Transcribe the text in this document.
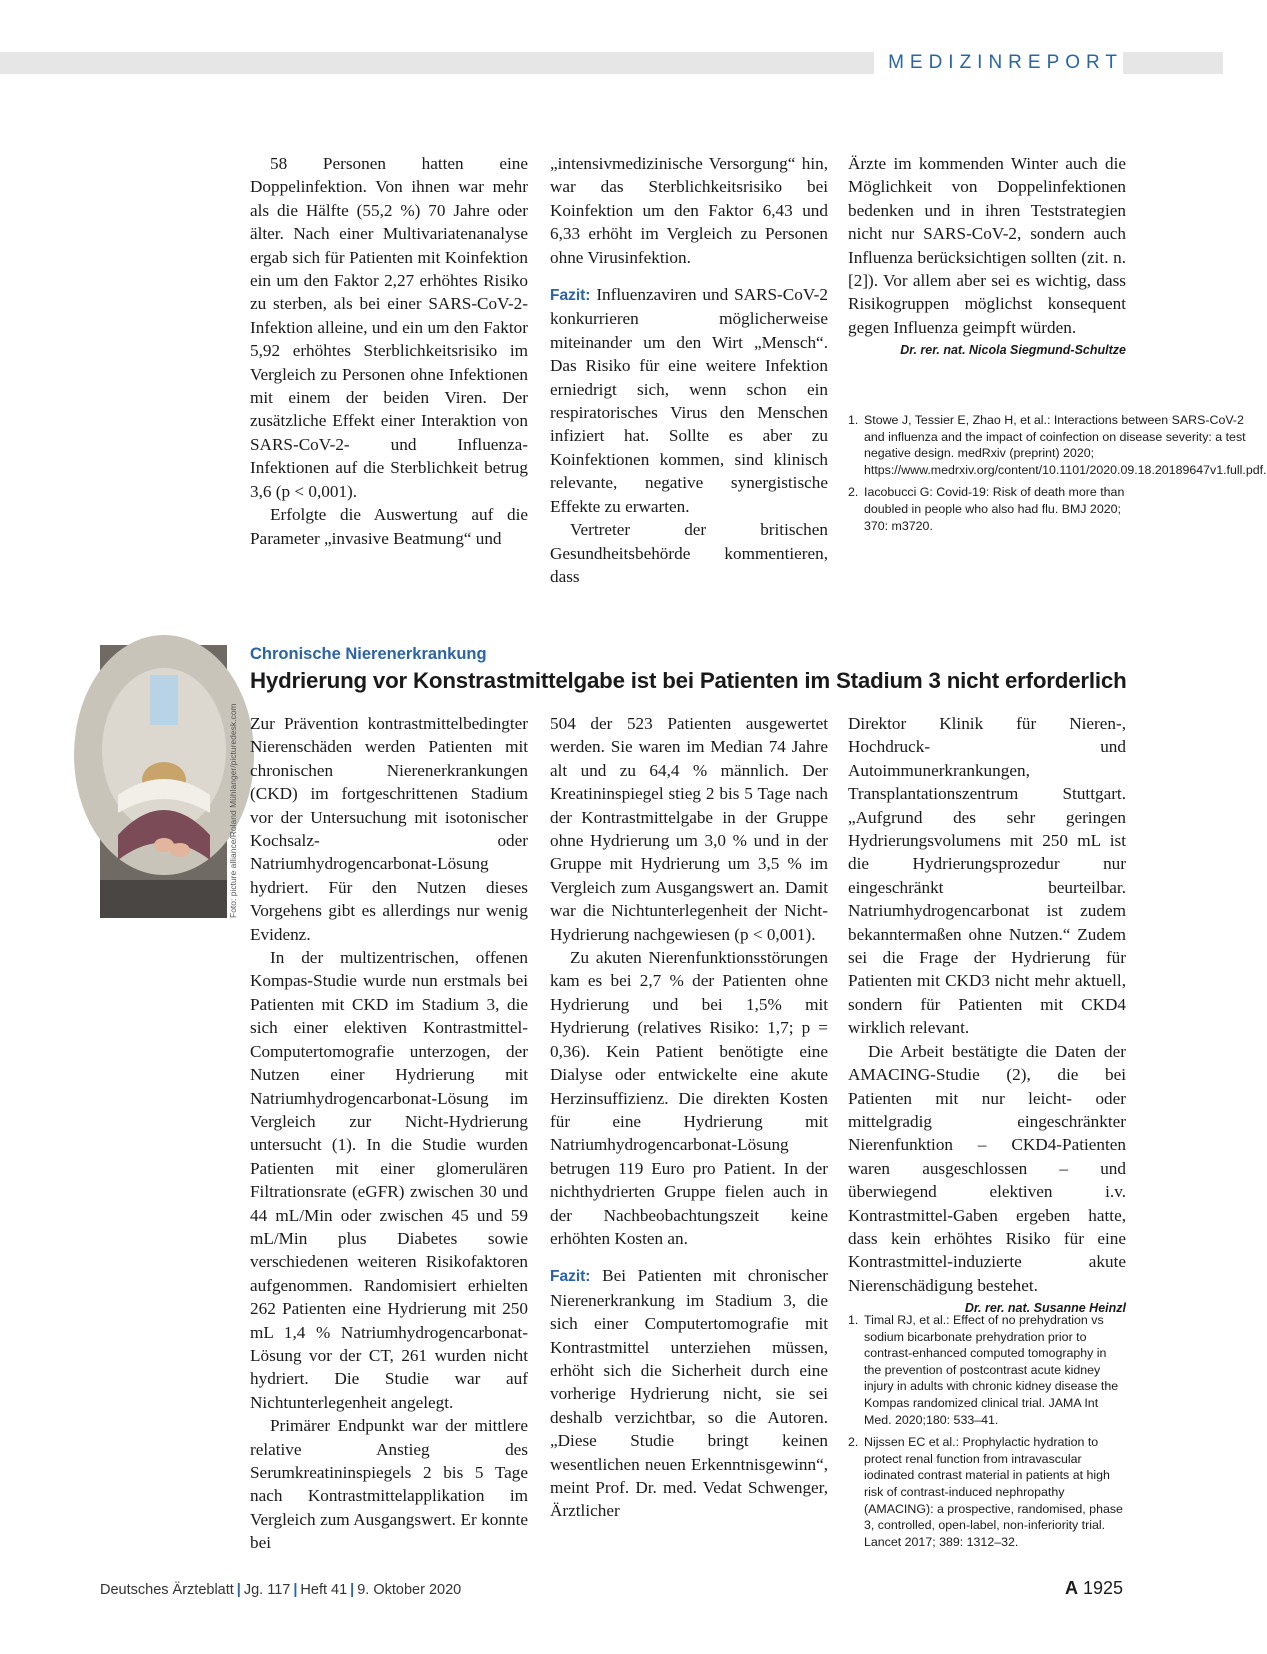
MEDIZINREPORT

58 Personen hatten eine Doppelinfektion. Von ihnen war mehr als die Hälfte (55,2 %) 70 Jahre oder älter. Nach einer Multivariatenanalyse ergab sich für Patienten mit Koinfektion ein um den Faktor 2,27 erhöhtes Risiko zu sterben, als bei einer SARS-CoV-2-Infektion alleine, und ein um den Faktor 5,92 erhöhtes Sterblichkeitsrisiko im Vergleich zu Personen ohne Infektionen mit einem der beiden Viren. Der zusätzliche Effekt einer Interaktion von SARS-CoV-2- und Influenza-Infektionen auf die Sterblichkeit betrug 3,6 (p < 0,001).

Erfolgte die Auswertung auf die Parameter „invasive Beatmung“ und

„intensivmedizinische Versorgung“ hin, war das Sterblichkeitsrisiko bei Koinfektion um den Faktor 6,43 und 6,33 erhöht im Vergleich zu Personen ohne Virusinfektion.

Fazit: Influenzaviren und SARS-CoV-2 konkurrieren möglicherweise miteinander um den Wirt „Mensch“. Das Risiko für eine weitere Infektion erniedrigt sich, wenn schon ein respiratorisches Virus den Menschen infiziert hat. Sollte es aber zu Koinfektionen kommen, sind klinisch relevante, negative synergistische Effekte zu erwarten.

Vertreter der britischen Gesundheitsbehörde kommentieren, dass

Ärzte im kommenden Winter auch die Möglichkeit von Doppelinfektionen bedenken und in ihren Teststrategien nicht nur SARS-CoV-2, sondern auch Influenza berücksichtigen sollten (zit. n. [2]). Vor allem aber sei es wichtig, dass Risikogruppen möglichst konsequent gegen Influenza geimpft würden.

Dr. rer. nat. Nicola Siegmund-Schultze
1. Stowe J, Tessier E, Zhao H, et al.: Interactions between SARS-CoV-2 and influenza and the impact of coinfection on disease severity: a test negative design. medRxiv (preprint) 2020; https://www.medrxiv.org/content/10.1101/2020.09.18.20189647v1.full.pdf.
2. Iacobucci G: Covid-19: Risk of death more than doubled in people who also had flu. BMJ 2020; 370: m3720.
Foto: picture alliance/Roland Mühlanger/picturedesk.com
Chronische Nierenerkrankung
Hydrierung vor Konstrastmittelgabe ist bei Patienten im Stadium 3 nicht erforderlich

Zur Prävention kontrastmittelbedingter Nierenschäden werden Patienten mit chronischen Nierenerkrankungen (CKD) im fortgeschrittenen Stadium vor der Untersuchung mit isotonischer Kochsalz- oder Natriumhydrogencarbonat-Lösung hydriert. Für den Nutzen dieses Vorgehens gibt es allerdings nur wenig Evidenz.

In der multizentrischen, offenen Kompas-Studie wurde nun erstmals bei Patienten mit CKD im Stadium 3, die sich einer elektiven Kontrastmittel-Computertomografie unterzogen, der Nutzen einer Hydrierung mit Natriumhydrogencarbonat-Lösung im Vergleich zur Nicht-Hydrierung untersucht (1). In die Studie wurden Patienten mit einer glomerulären Filtrationsrate (eGFR) zwischen 30 und 44 mL/Min oder zwischen 45 und 59 mL/Min plus Diabetes sowie verschiedenen weiteren Risikofaktoren aufgenommen. Randomisiert erhielten 262 Patienten eine Hydrierung mit 250 mL 1,4 % Natriumhydrogencarbonat-Lösung vor der CT, 261 wurden nicht hydriert. Die Studie war auf Nichtunterlegenheit angelegt.

Primärer Endpunkt war der mittlere relative Anstieg des Serumkreatininspiegels 2 bis 5 Tage nach Kontrastmittelapplikation im Vergleich zum Ausgangswert. Er konnte bei

504 der 523 Patienten ausgewertet werden. Sie waren im Median 74 Jahre alt und zu 64,4 % männlich. Der Kreatininspiegel stieg 2 bis 5 Tage nach der Kontrastmittelgabe in der Gruppe ohne Hydrierung um 3,0 % und in der Gruppe mit Hydrierung um 3,5 % im Vergleich zum Ausgangswert an. Damit war die Nichtunterlegenheit der Nicht-Hydrierung nachgewiesen (p < 0,001).

Zu akuten Nierenfunktionsstörungen kam es bei 2,7 % der Patienten ohne Hydrierung und bei 1,5% mit Hydrierung (relatives Risiko: 1,7; p = 0,36). Kein Patient benötigte eine Dialyse oder entwickelte eine akute Herzinsuffizienz. Die direkten Kosten für eine Hydrierung mit Natriumhydrogencarbonat-Lösung betrugen 119 Euro pro Patient. In der nichthydrierten Gruppe fielen auch in der Nachbeobachtungszeit keine erhöhten Kosten an.

Fazit: Bei Patienten mit chronischer Nierenerkrankung im Stadium 3, die sich einer Computertomografie mit Kontrastmittel unterziehen müssen, erhöht sich die Sicherheit durch eine vorherige Hydrierung nicht, sie sei deshalb verzichtbar, so die Autoren. „Diese Studie bringt keinen wesentlichen neuen Erkenntnisgewinn“, meint Prof. Dr. med. Vedat Schwenger, Ärztlicher

Direktor Klinik für Nieren-, Hochdruck- und Autoimmunerkrankungen, Transplantationszentrum Stuttgart. „Aufgrund des sehr geringen Hydrierungsvolumens mit 250 mL ist die Hydrierungsprozedur nur eingeschränkt beurteilbar. Natriumhydrogencarbonat ist zudem bekanntermaßen ohne Nutzen.“ Zudem sei die Frage der Hydrierung für Patienten mit CKD3 nicht mehr aktuell, sondern für Patienten mit CKD4 wirklich relevant.

Die Arbeit bestätigte die Daten der AMACING-Studie (2), die bei Patienten mit nur leicht- oder mittelgradig eingeschränkter Nierenfunktion – CKD4-Patienten waren ausgeschlossen – und überwiegend elektiven i.v. Kontrastmittel-Gaben ergeben hatte, dass kein erhöhtes Risiko für eine Kontrastmittel-induzierte akute Nierenschädigung bestehet.

Dr. rer. nat. Susanne Heinzl
1. Timal RJ, et al.: Effect of no prehydration vs sodium bicarbonate prehydration prior to contrast-enhanced computed tomography in the prevention of postcontrast acute kidney injury in adults with chronic kidney disease the Kompas randomized clinical trial. JAMA Int Med. 2020;180: 533–41.
2. Nijssen EC et al.: Prophylactic hydration to protect renal function from intravascular iodinated contrast material in patients at high risk of contrast-induced nephropathy (AMACING): a prospective, randomised, phase 3, controlled, open-label, non-inferiority trial. Lancet 2017; 389: 1312–32.
Deutsches Ärzteblatt | Jg. 117 | Heft 41 | 9. Oktober 2020	A 1925
